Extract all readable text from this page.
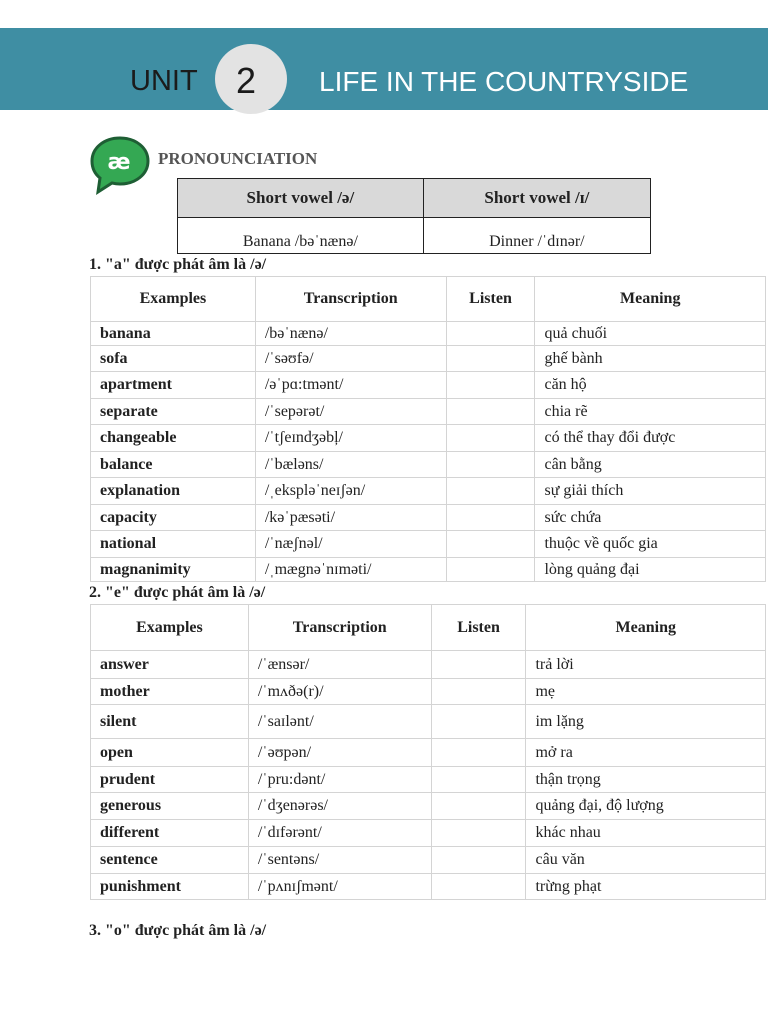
UNIT	2	LIFE IN THE COUNTRYSIDE
æ PRONOUNCIATION
Short vowel /ə/	Short vowel /ɪ/
Banana /bəˈnænə/	Dinner /ˈdɪnər/
1. "a" được phát âm là /ə/
Examples	Transcription	Listen	Meaning
banana	/bəˈnænə/		quả chuối
sofa	/ˈsəʊfə/		ghế bành
apartment	/əˈpɑ:tmənt/		căn hộ
separate	/ˈsepərət/		chia rẽ
changeable	/ˈtʃeɪndʒəbļ/		có thể thay đổi được
balance	/ˈbæləns/		cân bằng
explanation	/ˌekspləˈneɪʃən/		sự giải thích
capacity	/kəˈpæsəti/		sức chứa
national	/ˈnæʃnəl/		thuộc về quốc gia
magnanimity	/ˌmægnəˈnɪməti/		lòng quảng đại
2. "e" được phát âm là /ə/
Examples	Transcription	Listen	Meaning
answer	/ˈænsər/		trả lời
mother	/ˈmʌðə(r)/		mẹ
silent	/ˈsaɪlənt/		im lặng
open	/ˈəʊpən/		mở ra
prudent	/ˈpru:dənt/		thận trọng
generous	/ˈdʒenərəs/		quảng đại, độ lượng
different	/ˈdɪfərənt/		khác nhau
sentence	/ˈsentəns/		câu văn
punishment	/ˈpʌnɪʃmənt/		trừng phạt
3. "o" được phát âm là /ə/
